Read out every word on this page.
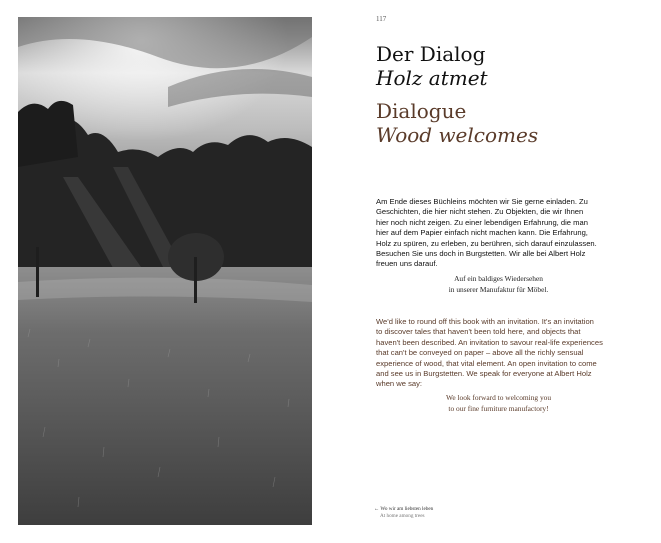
117
Der Dialog
Holz atmet
Dialogue
Wood welcomes
Am Ende dieses Büchleins möchten wir Sie gerne einladen. Zu
Geschichten, die hier nicht stehen. Zu Objekten, die wir Ihnen
hier noch nicht zeigen. Zu einer lebendigen Erfahrung, die man
hier auf dem Papier einfach nicht machen kann. Die Erfahrung,
Holz zu spüren, zu erleben, zu berühren, sich darauf einzulassen.
Besuchen Sie uns doch in Burgstetten. Wir alle bei Albert Holz
freuen uns darauf.
Auf ein baldiges Wiedersehen
in unserer Manufaktur für Möbel.
We'd like to round off this book with an invitation. It's an invitation
to discover tales that haven't been told here, and objects that
haven't been described. An invitation to savour real-life experiences
that can't be conveyed on paper – above all the richly sensual
experience of wood, that vital element. An open invitation to come
and see us in Burgstetten. We speak for everyone at Albert Holz
when we say:
We look forward to welcoming you
to our fine furniture manufactory!
← Wo wir am liebsten leben
At home among trees
